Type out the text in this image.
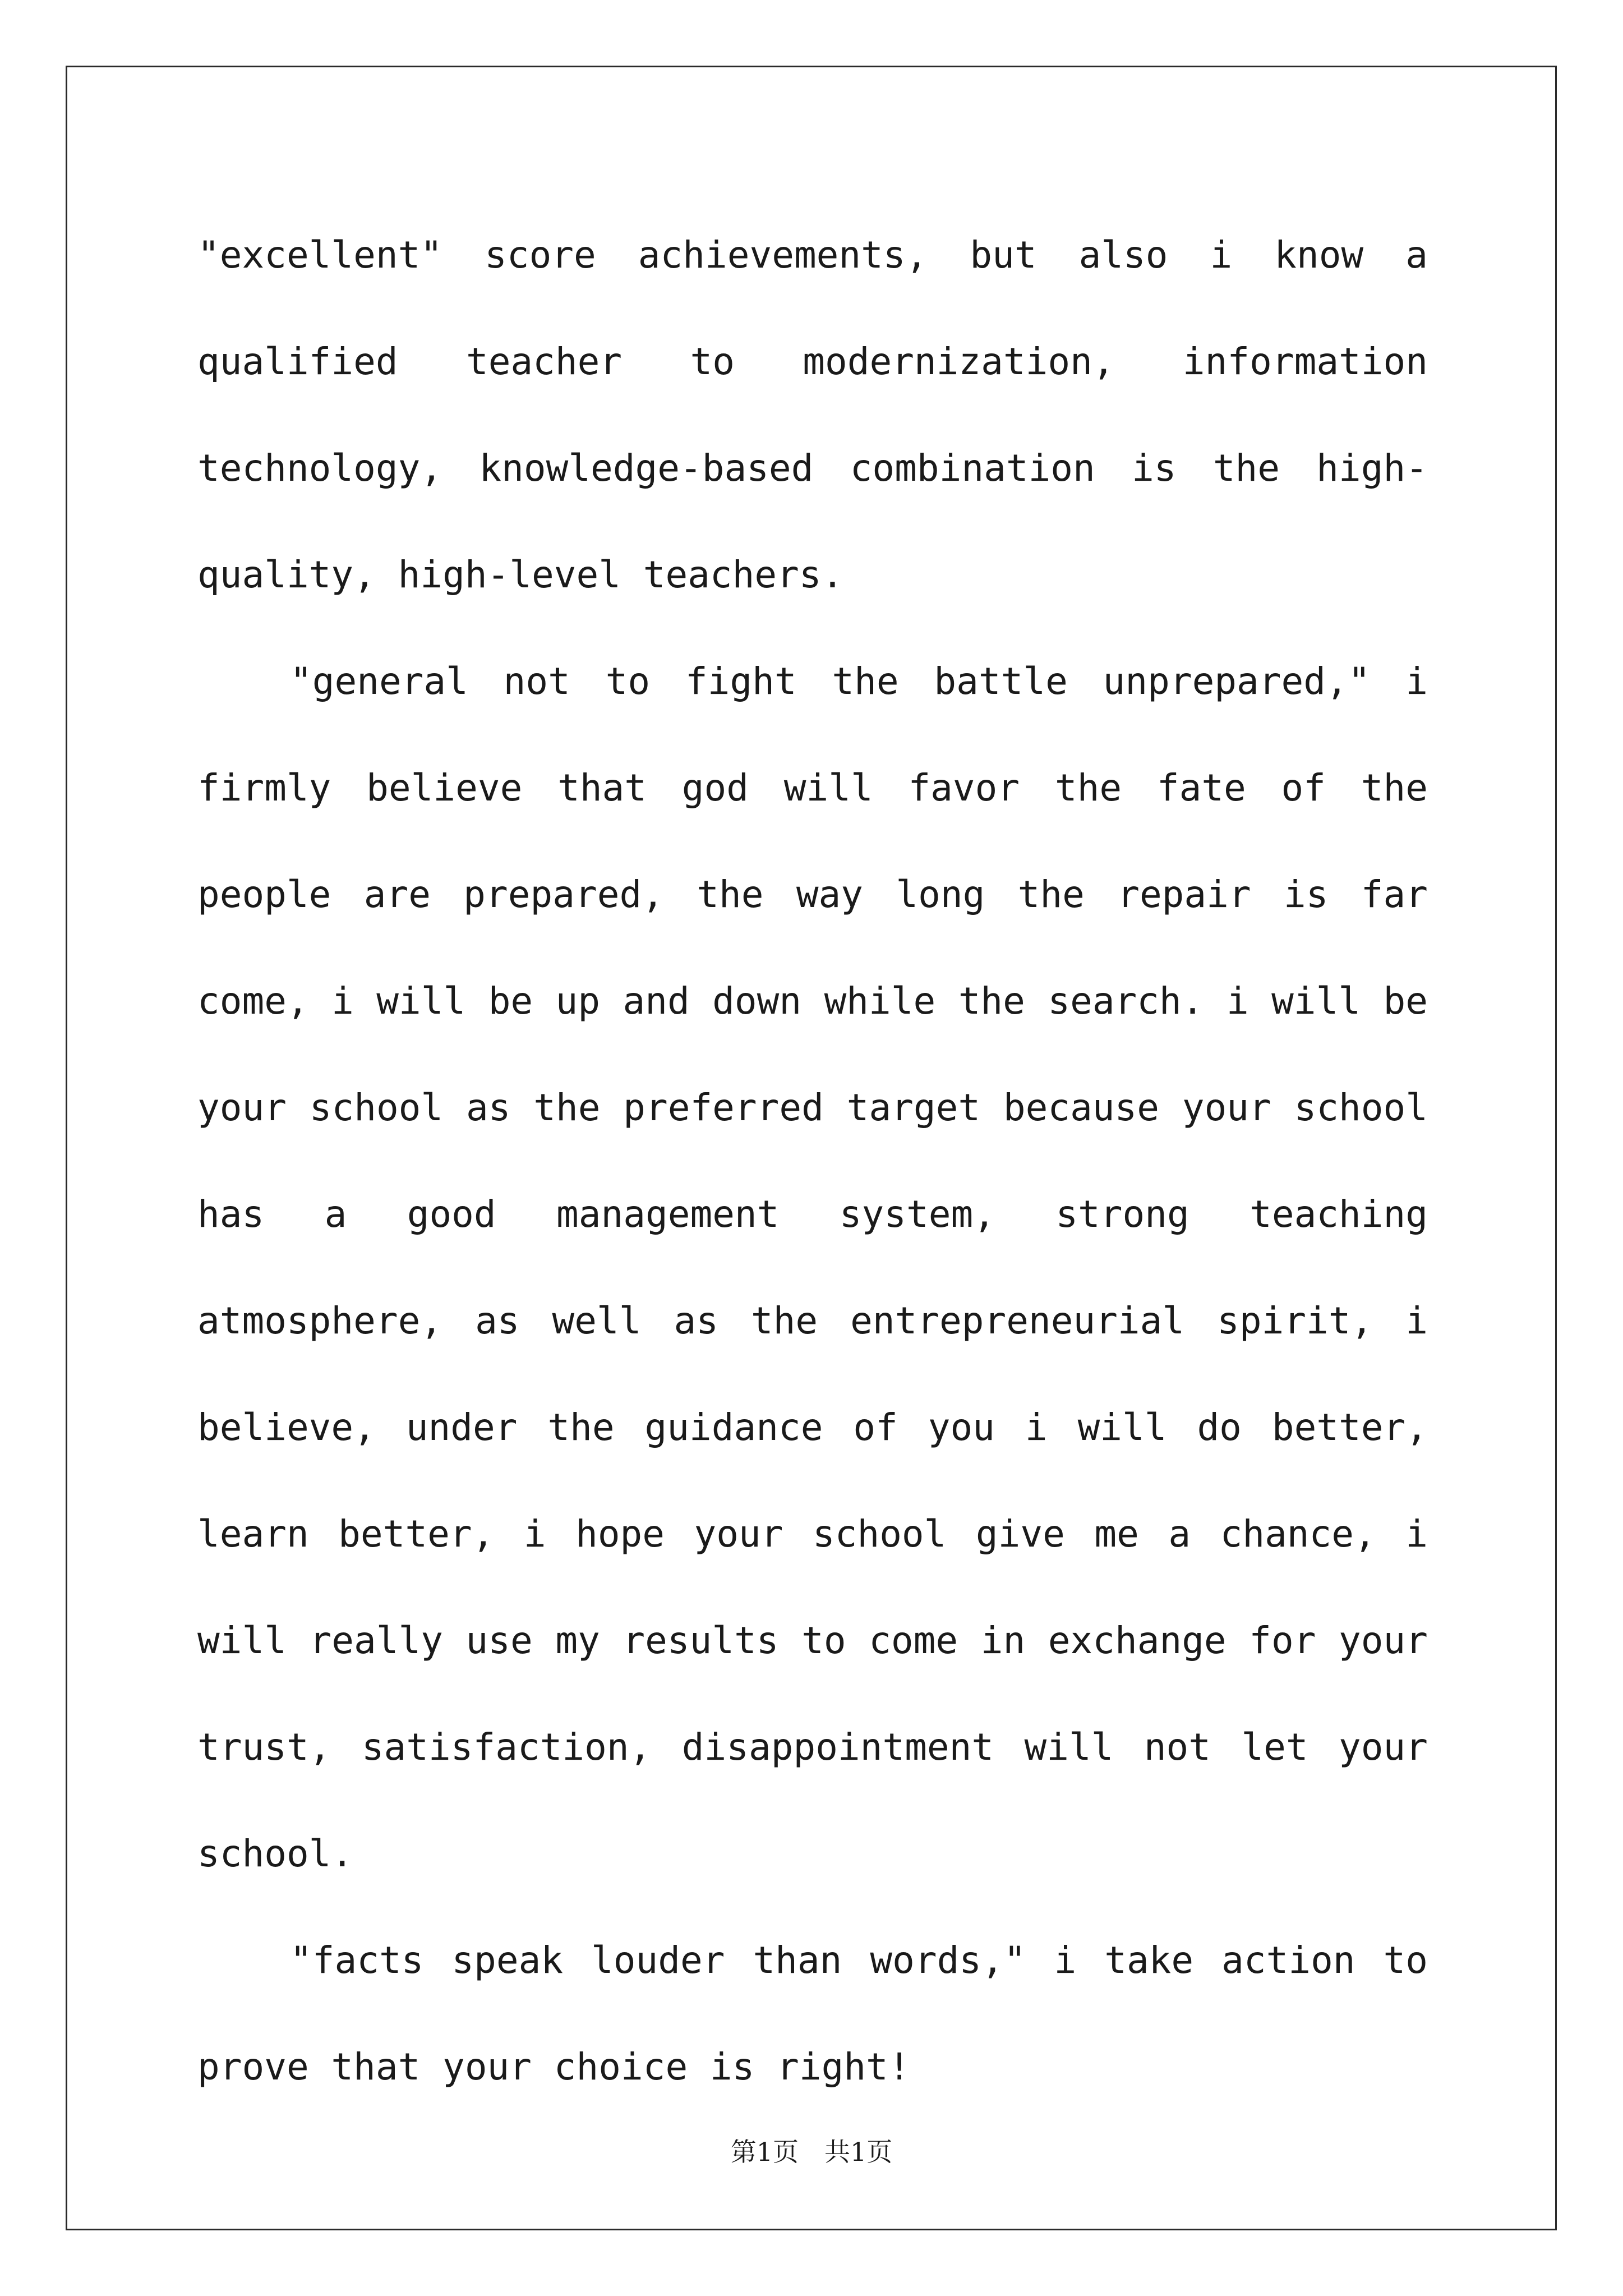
"excellent" score achievements, but also i know a qualified teacher to modernization, information technology, knowledge-based combination is the high-quality, high-level teachers.

"general not to fight the battle unprepared," i firmly believe that god will favor the fate of the people are prepared, the way long the repair is far come, i will be up and down while the search. i will be your school as the preferred target because your school has a good management system, strong teaching atmosphere, as well as the entrepreneurial spirit, i believe, under the guidance of you i will do better, learn better, i hope your school give me a chance, i will really use my results to come in exchange for your trust, satisfaction, disappointment will not let your school.

"facts speak louder than words," i take action to prove that your choice is right!

第1页　共1页
